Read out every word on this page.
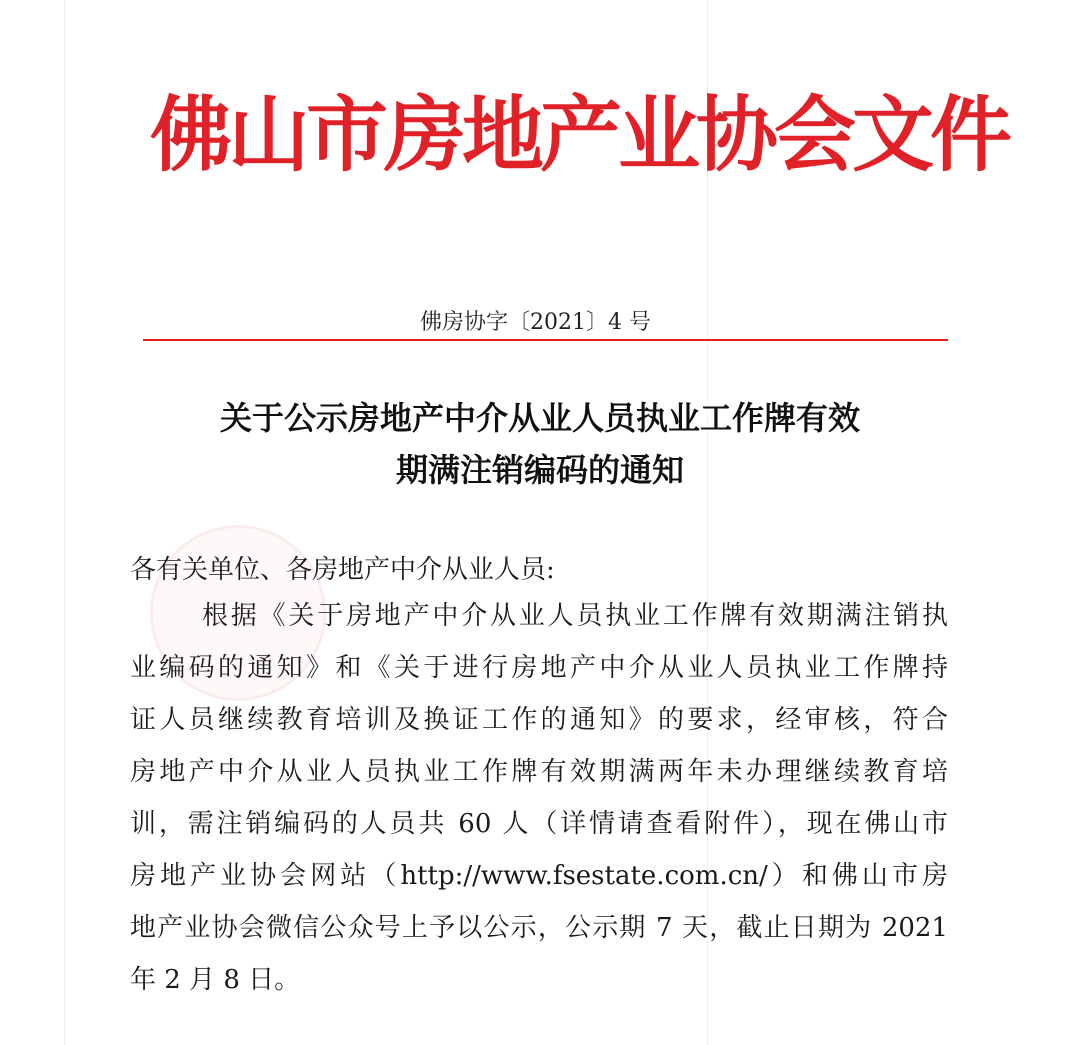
佛山市房地产业协会文件
佛房协字〔2021〕4 号
关于公示房地产中介从业人员执业工作牌有效
期满注销编码的通知

各有关单位、各房地产中介从业人员:

根据《关于房地产中介从业人员执业工作牌有效期满注销执
业编码的通知》和《关于进行房地产中介从业人员执业工作牌持
证人员继续教育培训及换证工作的通知》的要求，经审核，符合
房地产中介从业人员执业工作牌有效期满两年未办理继续教育培
训，需注销编码的人员共 60 人（详情请查看附件），现在佛山市
房地产业协会网站（http://www.fsestate.com.cn/）和佛山市房
地产业协会微信公众号上予以公示，公示期 7 天，截止日期为 2021
年 2 月 8 日。
